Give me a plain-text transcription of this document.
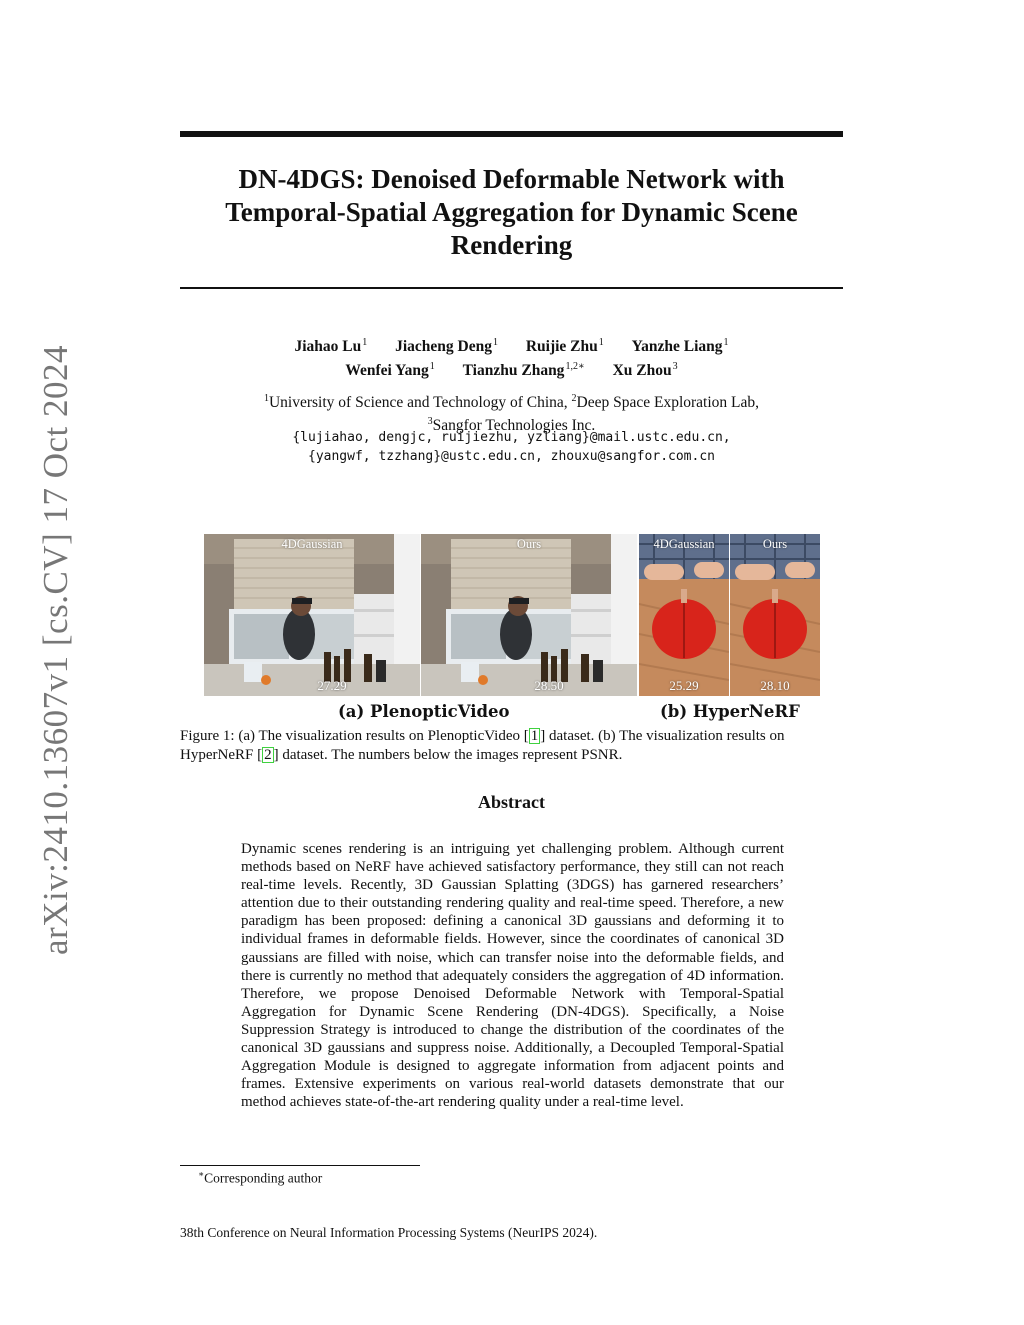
arXiv:2410.13607v1 [cs.CV] 17 Oct 2024
DN-4DGS: Denoised Deformable Network with
Temporal-Spatial Aggregation for Dynamic Scene
Rendering
Jiahao Lu$^1$ Jiacheng Deng$^1$ Ruijie Zhu$^1$ Yanzhe Liang$^1$
Wenfei Yang$^1$ Tianzhu Zhang$^{1,2∗}$ Xu Zhou$^3$
$^1$University of Science and Technology of China, $^2$Deep Space Exploration Lab,
$^3$Sangfor Technologies Inc.
{lujiahao, dengjc, ruijiezhu, yzliang}@mail.ustc.edu.cn,
{yangwf, tzzhang}@ustc.edu.cn, zhouxu@sangfor.com.cn
4DGaussian
27.29
Ours
28.50
4DGaussian
25.29
Ours
28.10
(a) PlenopticVideo	(b) HyperNeRF
Figure 1: (a) The visualization results on PlenopticVideo [ 1 ] dataset. (b) The visualization results on HyperNeRF [ 2 ] dataset. The numbers below the images represent PSNR.
Abstract
Dynamic scenes rendering is an intriguing yet challenging problem. Although current methods based on NeRF have achieved satisfactory performance, they still can not reach real-time levels. Recently, 3D Gaussian Splatting (3DGS) has garnered researchers’ attention due to their outstanding rendering quality and real-time speed. Therefore, a new paradigm has been proposed: defining a canonical 3D gaussians and deforming it to individual frames in deformable fields. However, since the coordinates of canonical 3D gaussians are filled with noise, which can transfer noise into the deformable fields, and there is currently no method that adequately considers the aggregation of 4D information. Therefore, we propose Denoised Deformable Network with Temporal-Spatial Aggregation for Dynamic Scene Rendering (DN-4DGS). Specifically, a Noise Suppression Strategy is introduced to change the distribution of the coordinates of the canonical 3D gaussians and suppress noise. Additionally, a Decoupled Temporal-Spatial Aggregation Module is designed to aggregate information from adjacent points and frames. Extensive experiments on various real-world datasets demonstrate that our method achieves state-of-the-art rendering quality under a real-time level.
∗Corresponding author
38th Conference on Neural Information Processing Systems (NeurIPS 2024).
